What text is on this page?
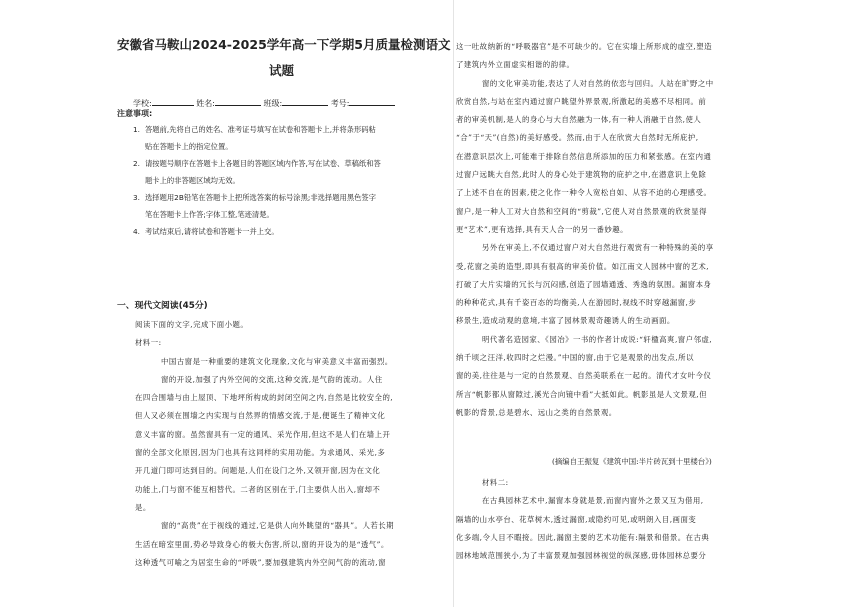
安徽省马鞍山2024-2025学年高一下学期5月质量检测语文
试题
学校:	姓名:	班级:	考号:
注意事项:
1. 答题前,先将自己的姓名、准考证号填写在试卷和答题卡上,并将条形码粘
贴在答题卡上的指定位置。
2. 请按题号顺序在答题卡上各题目的答题区域内作答,写在试卷、草稿纸和答
题卡上的非答题区域均无效。
3. 选择题用2B铅笔在答题卡上把所选答案的标号涂黑;非选择题用黑色签字
笔在答题卡上作答;字体工整,笔迹清楚。
4. 考试结束后,请将试卷和答题卡一并上交。
一、现代文阅读(45分)
阅读下面的文字,完成下面小题。
材料一:
中国古窗是一种重要的建筑文化现象,文化与审美意义丰富而强烈。
窗的开设,加强了内外空间的交流,这种交流,是气韵的流动。人住
在四合围墙与由上屋顶、下地坪所构成的封闭空间之内,自然是比较安全的,
但人又必须在围墙之内实现与自然界的情感交流,于是,便诞生了精神文化
意义丰富的窗。虽然窗具有一定的通风、采光作用,但这不是人们在墙上开
窗的全部文化原因,因为门也具有这同样的实用功能。为求通风、采光,多
开几道门即可达到目的。问题是,人们在设门之外,又领开窗,因为在文化
功能上,门与窗不能互相替代。二者的区别在于,门主要供人出入,窗却不
是。
窗的“高贵”在于视线的通过,它是供人向外眺望的“器具”。人若长期
生活在暗室里面,势必导致身心的极大伤害,所以,窗的开设为的是“透气”。
这种透气可喻之为居室生命的“呼吸”,要加强建筑内外空间气韵的流动,窗
这一吐故纳新的“呼吸器官”是不可缺少的。它在实墙上所形成的虚空,塑造
了建筑内外立面虚实相谐的韵律。
窗的文化审美功能,表达了人对自然的依恋与回归。人站在旷野之中
欣赏自然,与站在室内通过窗户眺望外界景观,所激起的美感不尽相同。前
者的审美机制,是人的身心与大自然融为一体,有一种人消融于自然,使人
“合”于“天”(自然)的美好感受。然而,由于人在欣赏大自然时无所庇护,
在潜意识层次上,可能难于排除自然信息所添加的压力和紧张感。在室内通
过窗户远眺大自然,此时人的身心处于建筑物的庇护之中,在潜意识上免除
了上述不自在的因素,使之化作一种令人宽松自如、从容不迫的心理感受。
窗户,是一种人工对大自然和空间的“剪裁”,它使人对自然景观的欣赏显得
更“艺术”,更有选择,具有天人合一的另一番妙趣。
另外在审美上,不仅通过窗户对大自然进行观赏有一种特殊的美的享
受,花窗之美的造型,即具有很高的审美价值。如江南文人园林中窗的艺术,
打破了大片实墙的冗长与沉闷感,创造了园墙通透、秀逸的氛围。漏窗本身
的种种花式,具有千姿百态的均衡美,人在游园时,视线不时穿越漏窗,步
移景生,造成动观的意境,丰富了园林景观奇趣诱人的生动画面。
明代著名造园家、《园冶》一书的作者计成说:“轩楹高爽,窗户邻虚,
纳千顷之汪洋,收四时之烂漫。”中国的窗,由于它是观景的出发点,所以
窗的美,往往是与一定的自然景观、自然美联系在一起的。清代才女叶今仪
所言“帆影都从窗隙过,溪光合向镜中看”大抵如此。帆影虽是人文景观,但
帆影的背景,总是碧水、远山之类的自然景观。
(摘编自王振复《建筑中国:半片砖瓦到十里楼台》)
材料二:
在古典园林艺术中,漏窗本身就是景,而窗内窗外之景又互为借用,
隔墙的山水亭台、花草树木,透过漏窗,或隐约可见,或明朗入目,画面变
化多端,令人目不暇接。因此,漏窗主要的艺术功能有:隔景和借景。在古典
园林地域范围狭小,为了丰富景观加强园林视觉的纵深感,毋体园林总要分
